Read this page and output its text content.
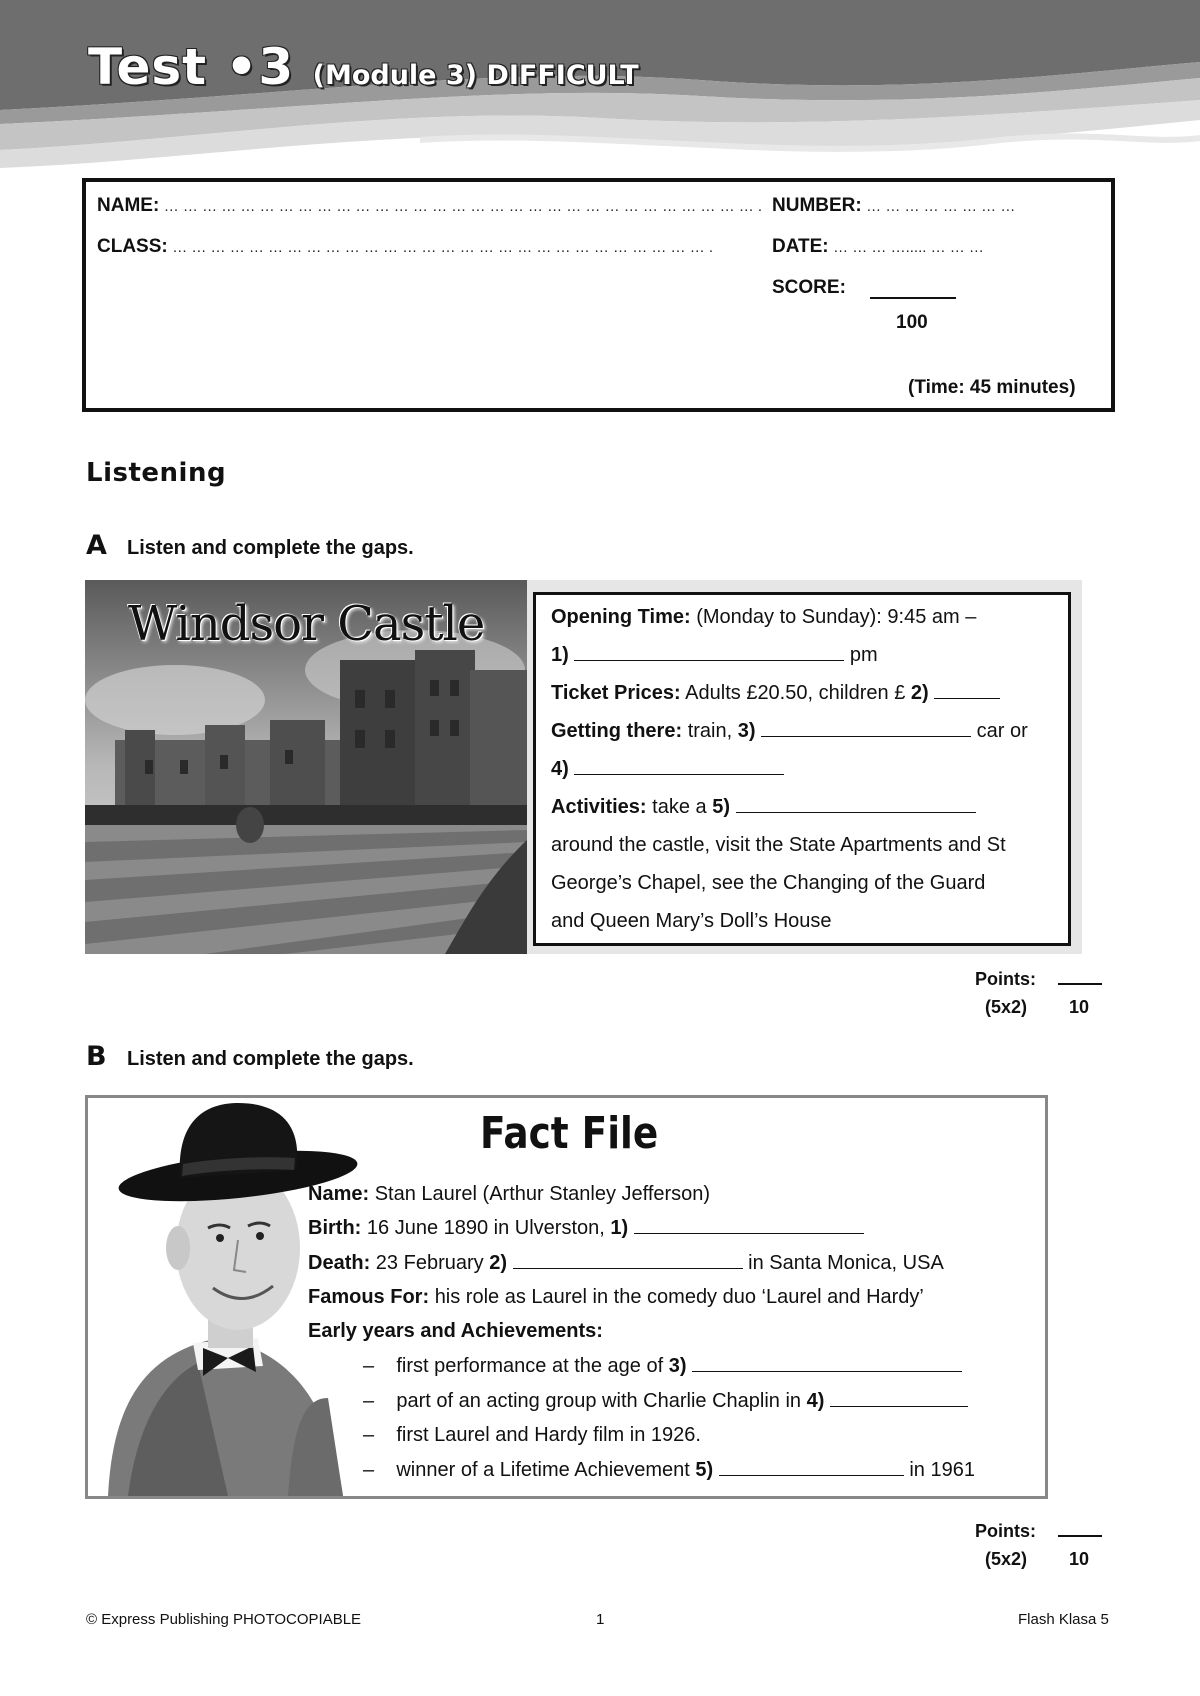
Test •3 (Module 3) DIFFICULT
NAME: … … … … … … … … … … … … … … … … … … … … … … … … … … … … … … … .
CLASS: … … … … … … … … … … … … … … … … … … … … … … … … … … … … .
NUMBER: … … … … … … … …
DATE: … … … …..... … … …
SCORE:
100
(Time: 45 minutes)
Listening
A Listen and complete the gaps.
Windsor Castle	Opening Time: (Monday to Sunday): 9:45 am –
1)	pm
Ticket Prices: Adults £20.50, children £ 2)
Getting there: train, 3)	car or
4)
Activities: take a 5)
around the castle, visit the State Apartments and St
George’s Chapel, see the Changing of the Guard
and Queen Mary’s Doll’s House
Points:
(5x2) 10
B Listen and complete the gaps.
Fact File
Name: Stan Laurel (Arthur Stanley Jefferson)
Birth: 16 June 1890 in Ulverston, 1)
Death: 23 February 2)	in Santa Monica, USA
Famous For: his role as Laurel in the comedy duo ‘Laurel and Hardy’
Early years and Achievements:
– first performance at the age of 3)
– part of an acting group with Charlie Chaplin in 4)
– first Laurel and Hardy film in 1926.
– winner of a Lifetime Achievement 5)	in 1961
Points:
(5x2) 10
© Express Publishing PHOTOCOPIABLE	1	Flash Klasa 5
